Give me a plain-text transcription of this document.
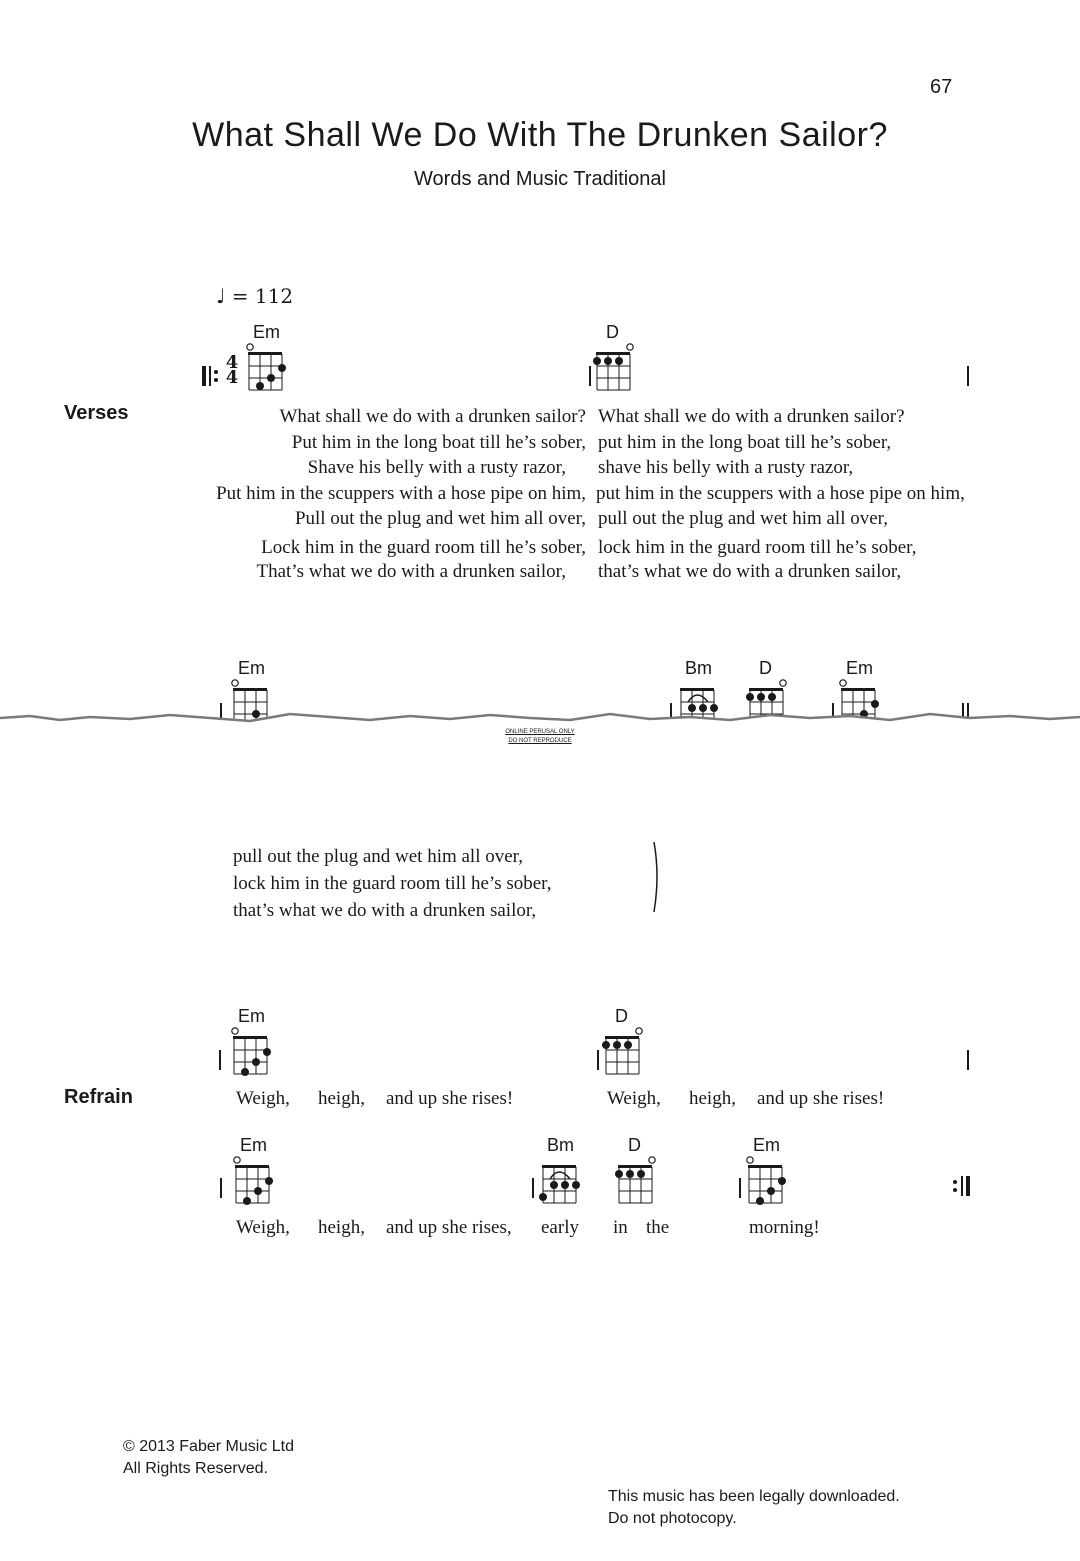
67
What Shall We Do With The Drunken Sailor?
Words and Music Traditional
♩ = 112
4
4
Em	D
Verses	What shall we do with a drunken sailor?
Put him in the long boat till he’s sober,
Shave his belly with a rusty razor,
Put him in the scuppers with a hose pipe on him,
Pull out the plug and wet him all over,
Lock him in the guard room till he’s sober,
That’s what we do with a drunken sailor,
What shall we do with a drunken sailor?
put him in the long boat till he’s sober,
shave his belly with a rusty razor,
put him in the scuppers with a hose pipe on him,
pull out the plug and wet him all over,
lock him in the guard room till he’s sober,
that’s what we do with a drunken sailor,
Em	Bm	D	Em
ONLINE PERUSAL ONLY
DO NOT REPRODUCE
pull out the plug and wet him all over,
lock him in the guard room till he’s sober,
that’s what we do with a drunken sailor,
Em	D
Refrain	Weigh, heigh, and up she rises!	Weigh, heigh, and up she rises!
Em	Bm	D	Em
Weigh, heigh, and up she rises, early in the	morning!
© 2013 Faber Music Ltd
All Rights Reserved.
This music has been legally downloaded.
Do not photocopy.
